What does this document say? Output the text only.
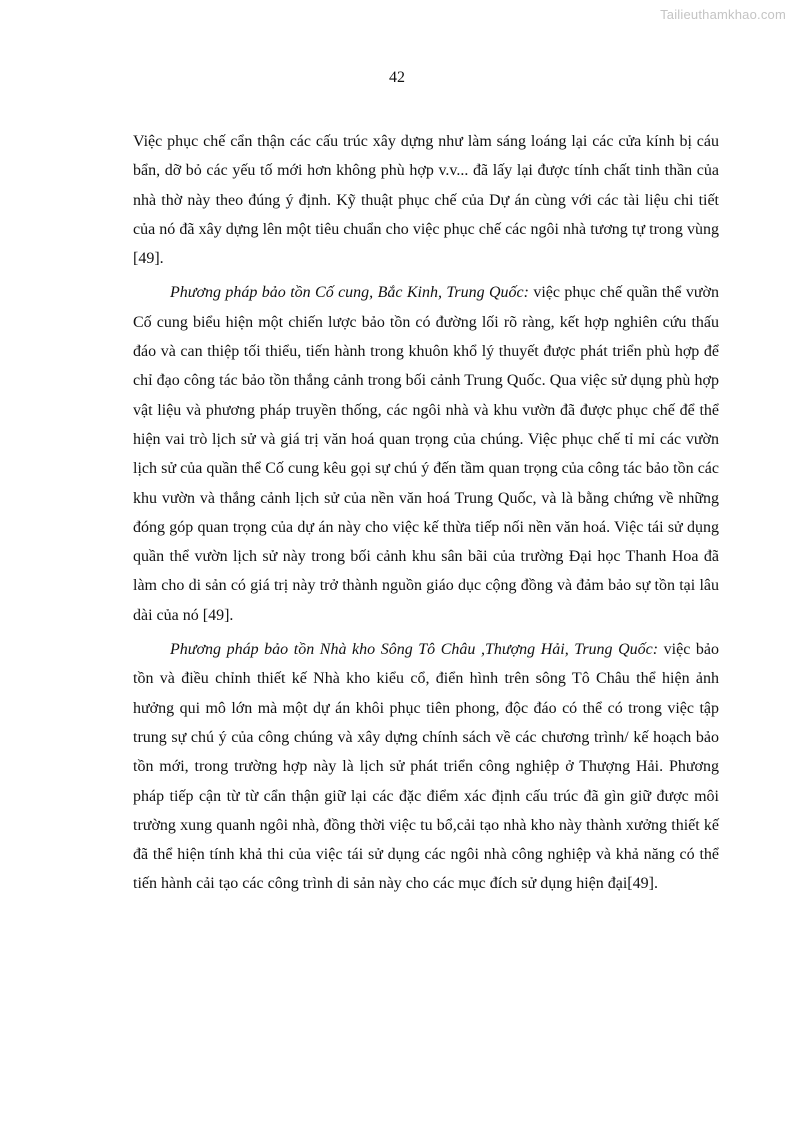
Tailieuthamkhao.com
42

Việc phục chế cẩn thận các cấu trúc xây dựng như làm sáng loáng lại các cửa kính bị cáu bẩn, dỡ bỏ các yếu tố mới hơn không phù hợp v.v... đã lấy lại được tính chất tinh thần của nhà thờ này theo đúng ý định. Kỹ thuật phục chế của Dự án cùng với các tài liệu chi tiết của nó đã xây dựng lên một tiêu chuẩn cho việc phục chế các ngôi nhà tương tự trong vùng [49].

Phương pháp bảo tồn Cố cung, Bắc Kinh, Trung Quốc: việc phục chế quần thể vườn Cố cung biểu hiện một chiến lược bảo tồn có đường lối rõ ràng, kết hợp nghiên cứu thấu đáo và can thiệp tối thiểu, tiến hành trong khuôn khổ lý thuyết được phát triển phù hợp để chỉ đạo công tác bảo tồn thắng cảnh trong bối cảnh Trung Quốc. Qua việc sử dụng phù hợp vật liệu và phương pháp truyền thống, các ngôi nhà và khu vườn đã được phục chế để thể hiện vai trò lịch sử và giá trị văn hoá quan trọng của chúng. Việc phục chế tỉ mỉ các vườn lịch sử của quần thể Cố cung kêu gọi sự chú ý đến tầm quan trọng của công tác bảo tồn các khu vườn và thắng cảnh lịch sử của nền văn hoá Trung Quốc, và là bằng chứng về những đóng góp quan trọng của dự án này cho việc kế thừa tiếp nối nền văn hoá. Việc tái sử dụng quần thể vườn lịch sử này trong bối cảnh khu sân bãi của trường Đại học Thanh Hoa đã làm cho di sản có giá trị này trở thành nguồn giáo dục cộng đồng và đảm bảo sự tồn tại lâu dài của nó [49].

Phương pháp bảo tồn Nhà kho Sông Tô Châu ,Thượng Hải, Trung Quốc: việc bảo tồn và điều chỉnh thiết kế Nhà kho kiểu cổ, điển hình trên sông Tô Châu thể hiện ảnh hưởng qui mô lớn mà một dự án khôi phục tiên phong, độc đáo có thể có trong việc tập trung sự chú ý của công chúng và xây dựng chính sách về các chương trình/ kế hoạch bảo tồn mới, trong trường hợp này là lịch sử phát triển công nghiệp ở Thượng Hải. Phương pháp tiếp cận từ từ cẩn thận giữ lại các đặc điểm xác định cấu trúc đã gìn giữ được môi trường xung quanh ngôi nhà, đồng thời việc tu bổ,cải tạo nhà kho này thành xưởng thiết kế đã thể hiện tính khả thi của việc tái sử dụng các ngôi nhà công nghiệp và khả năng có thể tiến hành cải tạo các công trình di sản này cho các mục đích sử dụng hiện đại[49].
